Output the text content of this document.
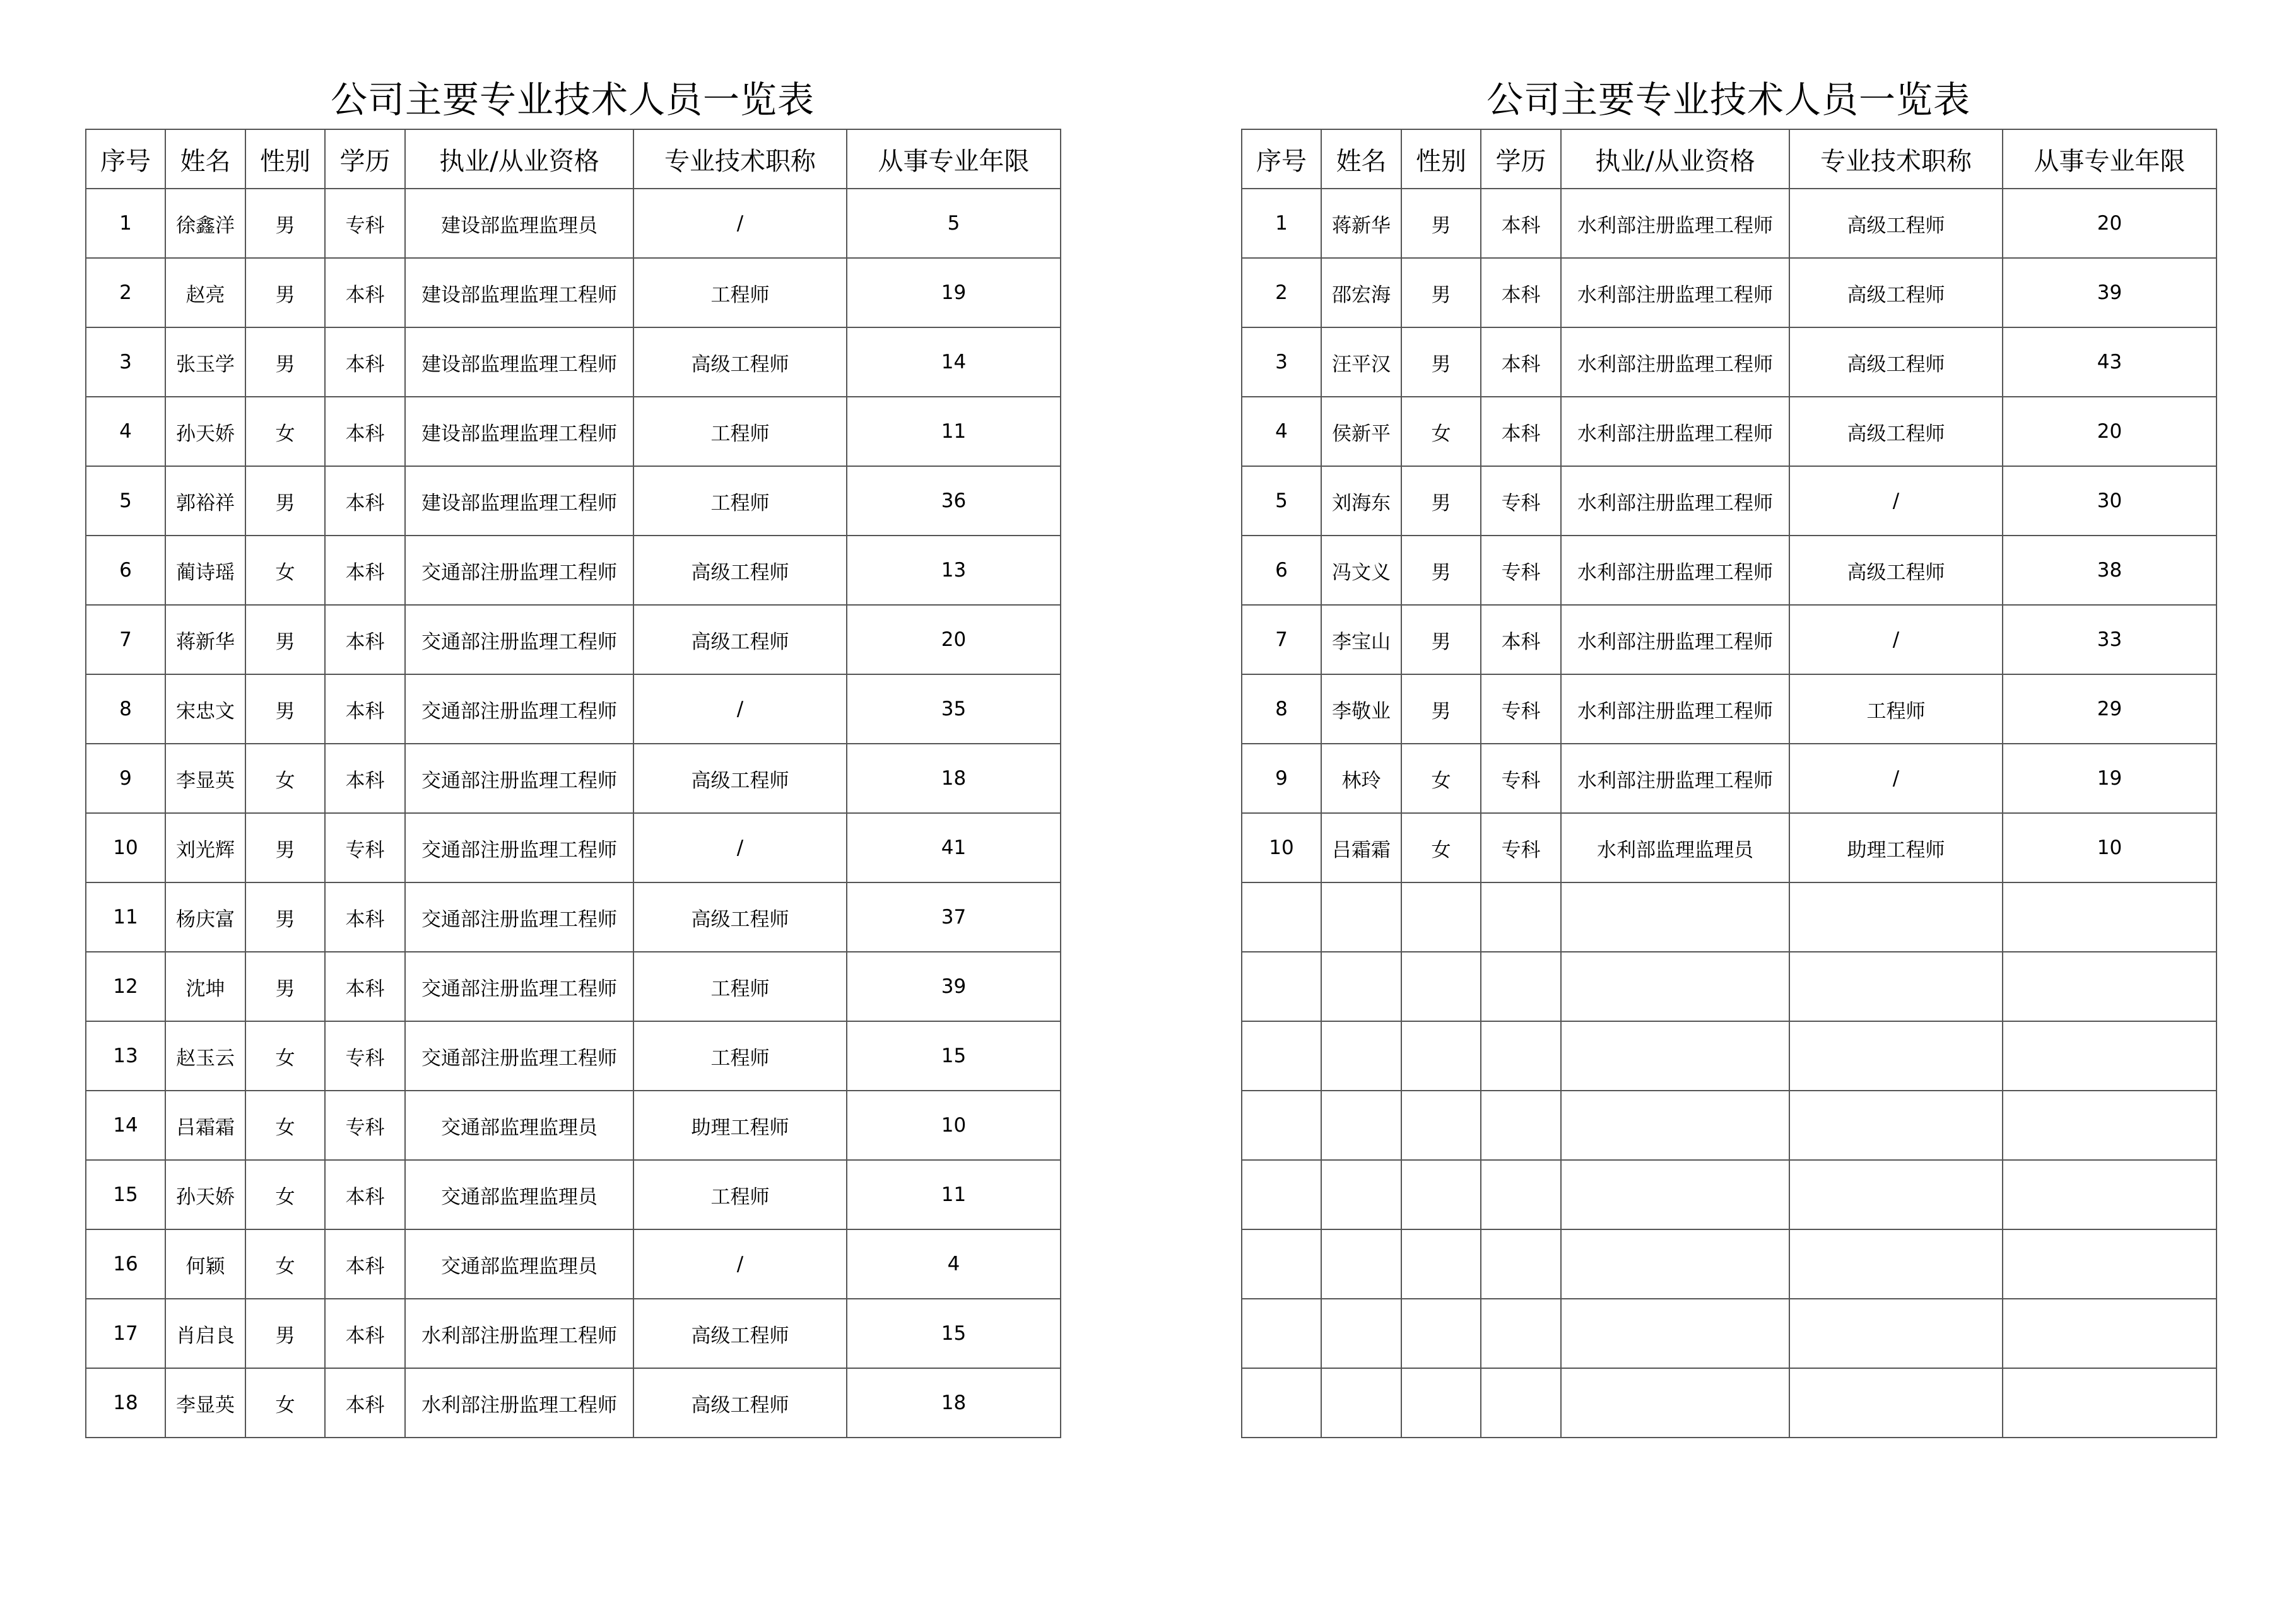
公司主要专业技术人员一览表
序号	姓名	性别	学历	执业/从业资格	专业技术职称	从事专业年限
1	徐鑫洋	男	专科	建设部监理监理员	/	5
2	赵亮	男	本科	建设部监理监理工程师	工程师	19
3	张玉学	男	本科	建设部监理监理工程师	高级工程师	14
4	孙天娇	女	本科	建设部监理监理工程师	工程师	11
5	郭裕祥	男	本科	建设部监理监理工程师	工程师	36
6	蔺诗瑶	女	本科	交通部注册监理工程师	高级工程师	13
7	蒋新华	男	本科	交通部注册监理工程师	高级工程师	20
8	宋忠文	男	本科	交通部注册监理工程师	/	35
9	李显英	女	本科	交通部注册监理工程师	高级工程师	18
10	刘光辉	男	专科	交通部注册监理工程师	/	41
11	杨庆富	男	本科	交通部注册监理工程师	高级工程师	37
12	沈坤	男	本科	交通部注册监理工程师	工程师	39
13	赵玉云	女	专科	交通部注册监理工程师	工程师	15
14	吕霜霜	女	专科	交通部监理监理员	助理工程师	10
15	孙天娇	女	本科	交通部监理监理员	工程师	11
16	何颖	女	本科	交通部监理监理员	/	4
17	肖启良	男	本科	水利部注册监理工程师	高级工程师	15
18	李显英	女	本科	水利部注册监理工程师	高级工程师	18
公司主要专业技术人员一览表
序号	姓名	性别	学历	执业/从业资格	专业技术职称	从事专业年限
1	蒋新华	男	本科	水利部注册监理工程师	高级工程师	20
2	邵宏海	男	本科	水利部注册监理工程师	高级工程师	39
3	汪平汉	男	本科	水利部注册监理工程师	高级工程师	43
4	侯新平	女	本科	水利部注册监理工程师	高级工程师	20
5	刘海东	男	专科	水利部注册监理工程师	/	30
6	冯文义	男	专科	水利部注册监理工程师	高级工程师	38
7	李宝山	男	本科	水利部注册监理工程师	/	33
8	李敬业	男	专科	水利部注册监理工程师	工程师	29
9	林玲	女	专科	水利部注册监理工程师	/	19
10	吕霜霜	女	专科	水利部监理监理员	助理工程师	10
